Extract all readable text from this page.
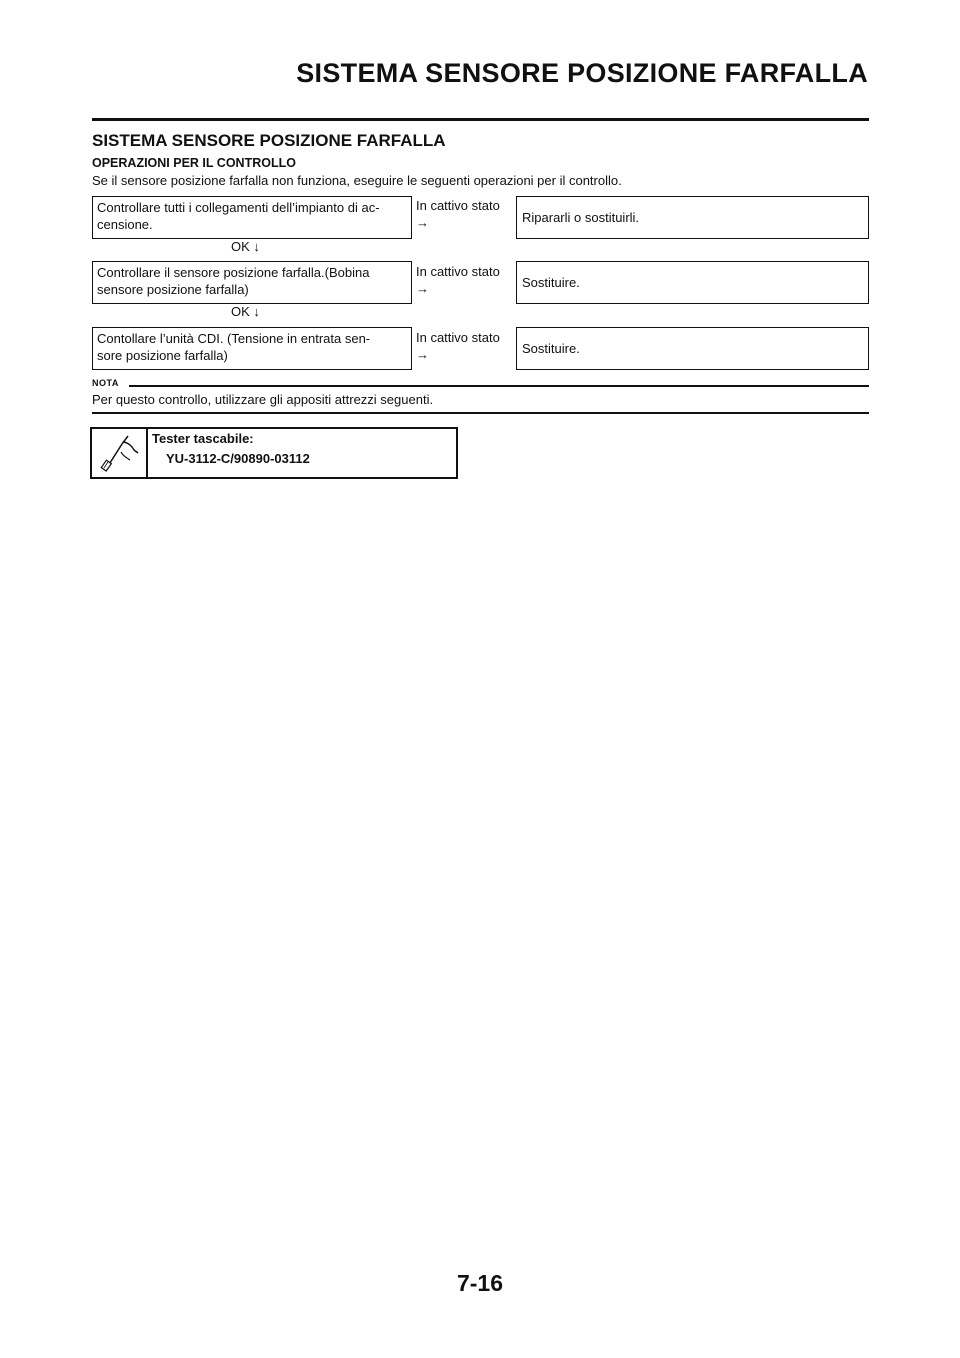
SISTEMA SENSORE POSIZIONE FARFALLA
SISTEMA SENSORE POSIZIONE FARFALLA
OPERAZIONI PER IL CONTROLLO
Se il sensore posizione farfalla non funziona, eseguire le seguenti operazioni per il controllo.
Controllare tutti i collegamenti dell’impianto di ac-
censione.
In cattivo stato
→	Ripararli o sostituirli.
OK ↓
Controllare il sensore posizione farfalla.(Bobina
sensore posizione farfalla)
In cattivo stato
→	Sostituire.
OK ↓
Contollare l’unità CDI. (Tensione in entrata sen-
sore posizione farfalla)
In cattivo stato
→	Sostituire.
NOTA
Per questo controllo, utilizzare gli appositi attrezzi seguenti.
Tester tascabile:
YU-3112-C/90890-03112
7-16
